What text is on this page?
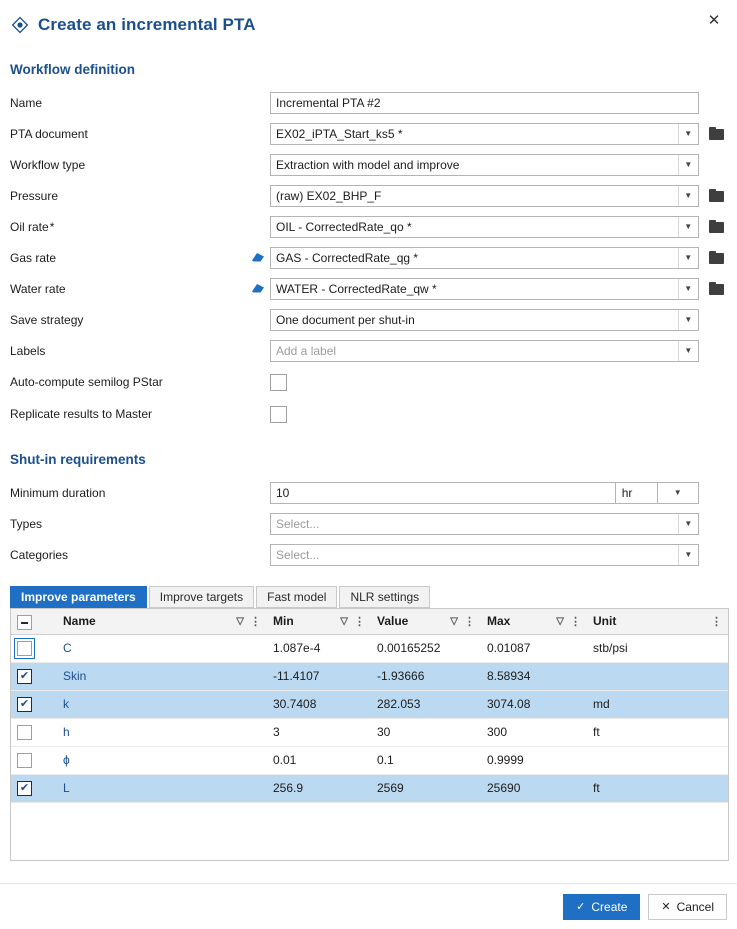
Create an incremental PTA	✕
Workflow definition
Name
Incremental PTA #2
PTA document	EX02_iPTA_Start_ks5 *	▼
Workflow type	Extraction with model and improve	▼
Pressure	(raw) EX02_BHP_F	▼
Oil rate *	OIL - CorrectedRate_qo *	▼
Gas rate	GAS - CorrectedRate_qg *	▼
Water rate	WATER - CorrectedRate_qw *	▼
Save strategy	One document per shut-in	▼
Labels	Add a label	▼
Auto-compute semilog PStar
Replicate results to Master
Shut-in requirements
Minimum duration
10	hr	▼
Types	Select...	▼
Categories	Select...	▼
Improve parameters	Improve targets	Fast model	NLR settings

	Name ▽ ⋮	Min ▽ ⋮	Value ▽ ⋮	Max ▽ ⋮	Unit ⋮

	C	1.087e-4	0.00165252	0.01087	stb/psi
✔	Skin	-11.4107	-1.93666	8.58934	
✔	k	30.7408	282.053	3074.08	md
	h	3	30	300	ft
	ϕ	0.01	0.1	0.9999	
✔	L	256.9	2569	25690	ft
✓ Create	✕ Cancel
